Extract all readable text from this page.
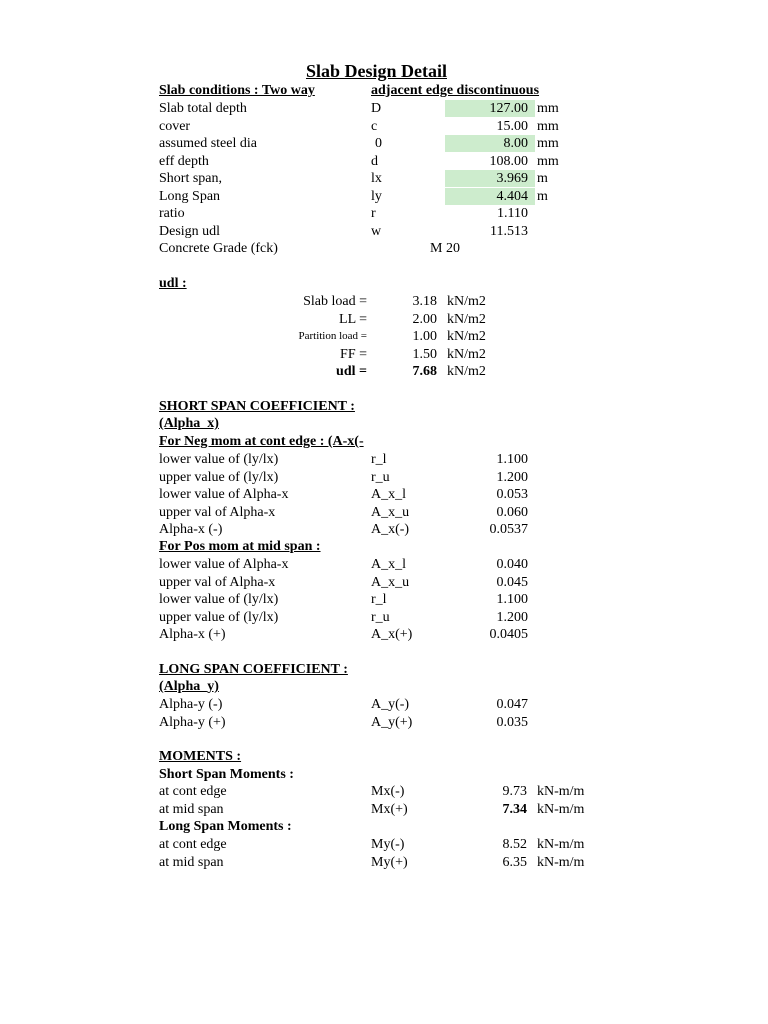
Slab Design Detail
Slab conditions : Two way	adjacent edge discontinuous
Slab total depth	D	127.00 mm
cover	c	15.00 mm
assumed steel dia	0	8.00 mm
eff depth	d	108.00 mm
Short span,	lx	3.969 m
Long Span	ly	4.404 m
ratio	r	1.110
Design udl	w	11.513
Concrete Grade (fck)	M 20
udl :
Slab load =	3.18 kN/m2
LL =	2.00 kN/m2
Partition load =	1.00 kN/m2
FF =	1.50 kN/m2
udl =	7.68 kN/m2
SHORT SPAN COEFFICIENT :
(Alpha_x)
For Neg mom at cont edge : (A-x(-
lower value of (ly/lx)	r_l	1.100
upper value of (ly/lx)	r_u	1.200
lower value of Alpha-x	A_x_l	0.053
upper val of Alpha-x	A_x_u	0.060
Alpha-x (-)	A_x(-)	0.0537
For Pos mom at mid span :
lower value of Alpha-x	A_x_l	0.040
upper val of Alpha-x	A_x_u	0.045
lower value of (ly/lx)	r_l	1.100
upper value of (ly/lx)	r_u	1.200
Alpha-x (+)	A_x(+)	0.0405
LONG SPAN COEFFICIENT :
(Alpha_y)
Alpha-y (-)	A_y(-)	0.047
Alpha-y (+)	A_y(+)	0.035
MOMENTS :
Short Span Moments :
at cont edge	Mx(-)	9.73 kN-m/m
at mid span	Mx(+)	7.34 kN-m/m
Long Span Moments :
at cont edge	My(-)	8.52 kN-m/m
at mid span	My(+)	6.35 kN-m/m
